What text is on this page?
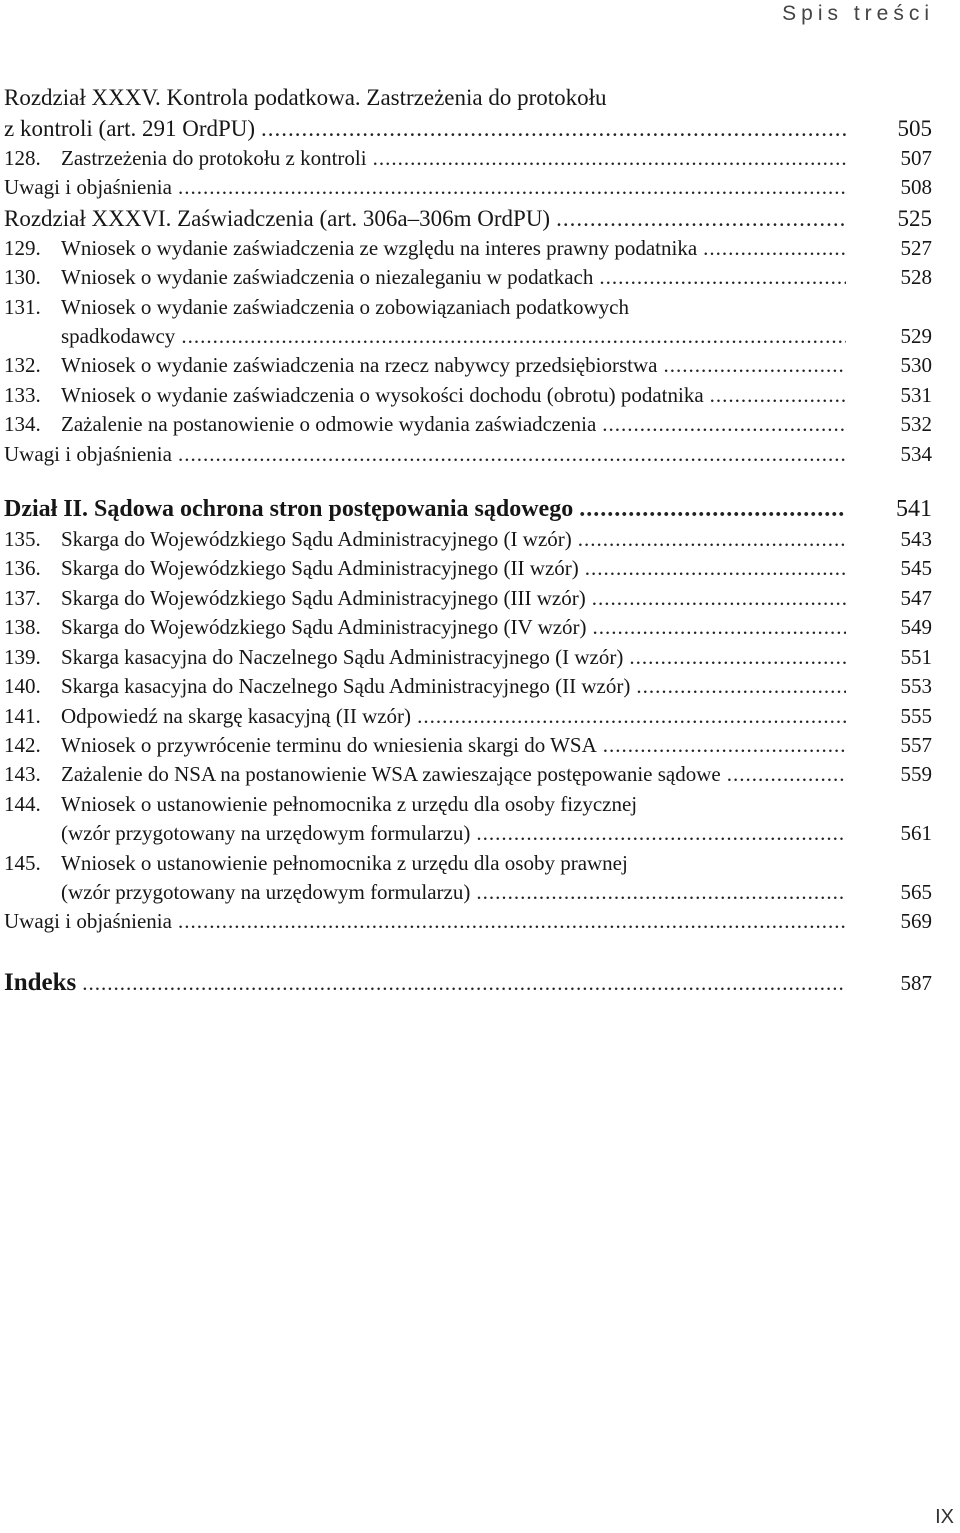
Spis treści
Rozdział XXXV. Kontrola podatkowa. Zastrzeżenia do protokołu
z kontroli (art. 291 OrdPU) .....	505
128. Zastrzeżenia do protokołu z kontroli .....	507
Uwagi i objaśnienia .....	508
Rozdział XXXVI. Zaświadczenia (art. 306a–306m OrdPU) .....	525
129. Wniosek o wydanie zaświadczenia ze względu na interes prawny podatnika .....	527
130. Wniosek o wydanie zaświadczenia o niezaleganiu w podatkach .....	528
131. Wniosek o wydanie zaświadczenia o zobowiązaniach podatkowych
spadkodawcy .....	529
132. Wniosek o wydanie zaświadczenia na rzecz nabywcy przedsiębiorstwa .....	530
133. Wniosek o wydanie zaświadczenia o wysokości dochodu (obrotu) podatnika .....	531
134. Zażalenie na postanowienie o odmowie wydania zaświadczenia .....	532
Uwagi i objaśnienia .....	534
Dział II. Sądowa ochrona stron postępowania sądowego .....	541
135. Skarga do Wojewódzkiego Sądu Administracyjnego (I wzór) .....	543
136. Skarga do Wojewódzkiego Sądu Administracyjnego (II wzór) .....	545
137. Skarga do Wojewódzkiego Sądu Administracyjnego (III wzór) .....	547
138. Skarga do Wojewódzkiego Sądu Administracyjnego (IV wzór) .....	549
139. Skarga kasacyjna do Naczelnego Sądu Administracyjnego (I wzór) .....	551
140. Skarga kasacyjna do Naczelnego Sądu Administracyjnego (II wzór) .....	553
141. Odpowiedź na skargę kasacyjną (II wzór) .....	555
142. Wniosek o przywrócenie terminu do wniesienia skargi do WSA .....	557
143. Zażalenie do NSA na postanowienie WSA zawieszające postępowanie sądowe .....	559
144. Wniosek o ustanowienie pełnomocnika z urzędu dla osoby fizycznej
(wzór przygotowany na urzędowym formularzu) .....	561
145. Wniosek o ustanowienie pełnomocnika z urzędu dla osoby prawnej
(wzór przygotowany na urzędowym formularzu) .....	565
Uwagi i objaśnienia .....	569
Indeks .....	587
IX
